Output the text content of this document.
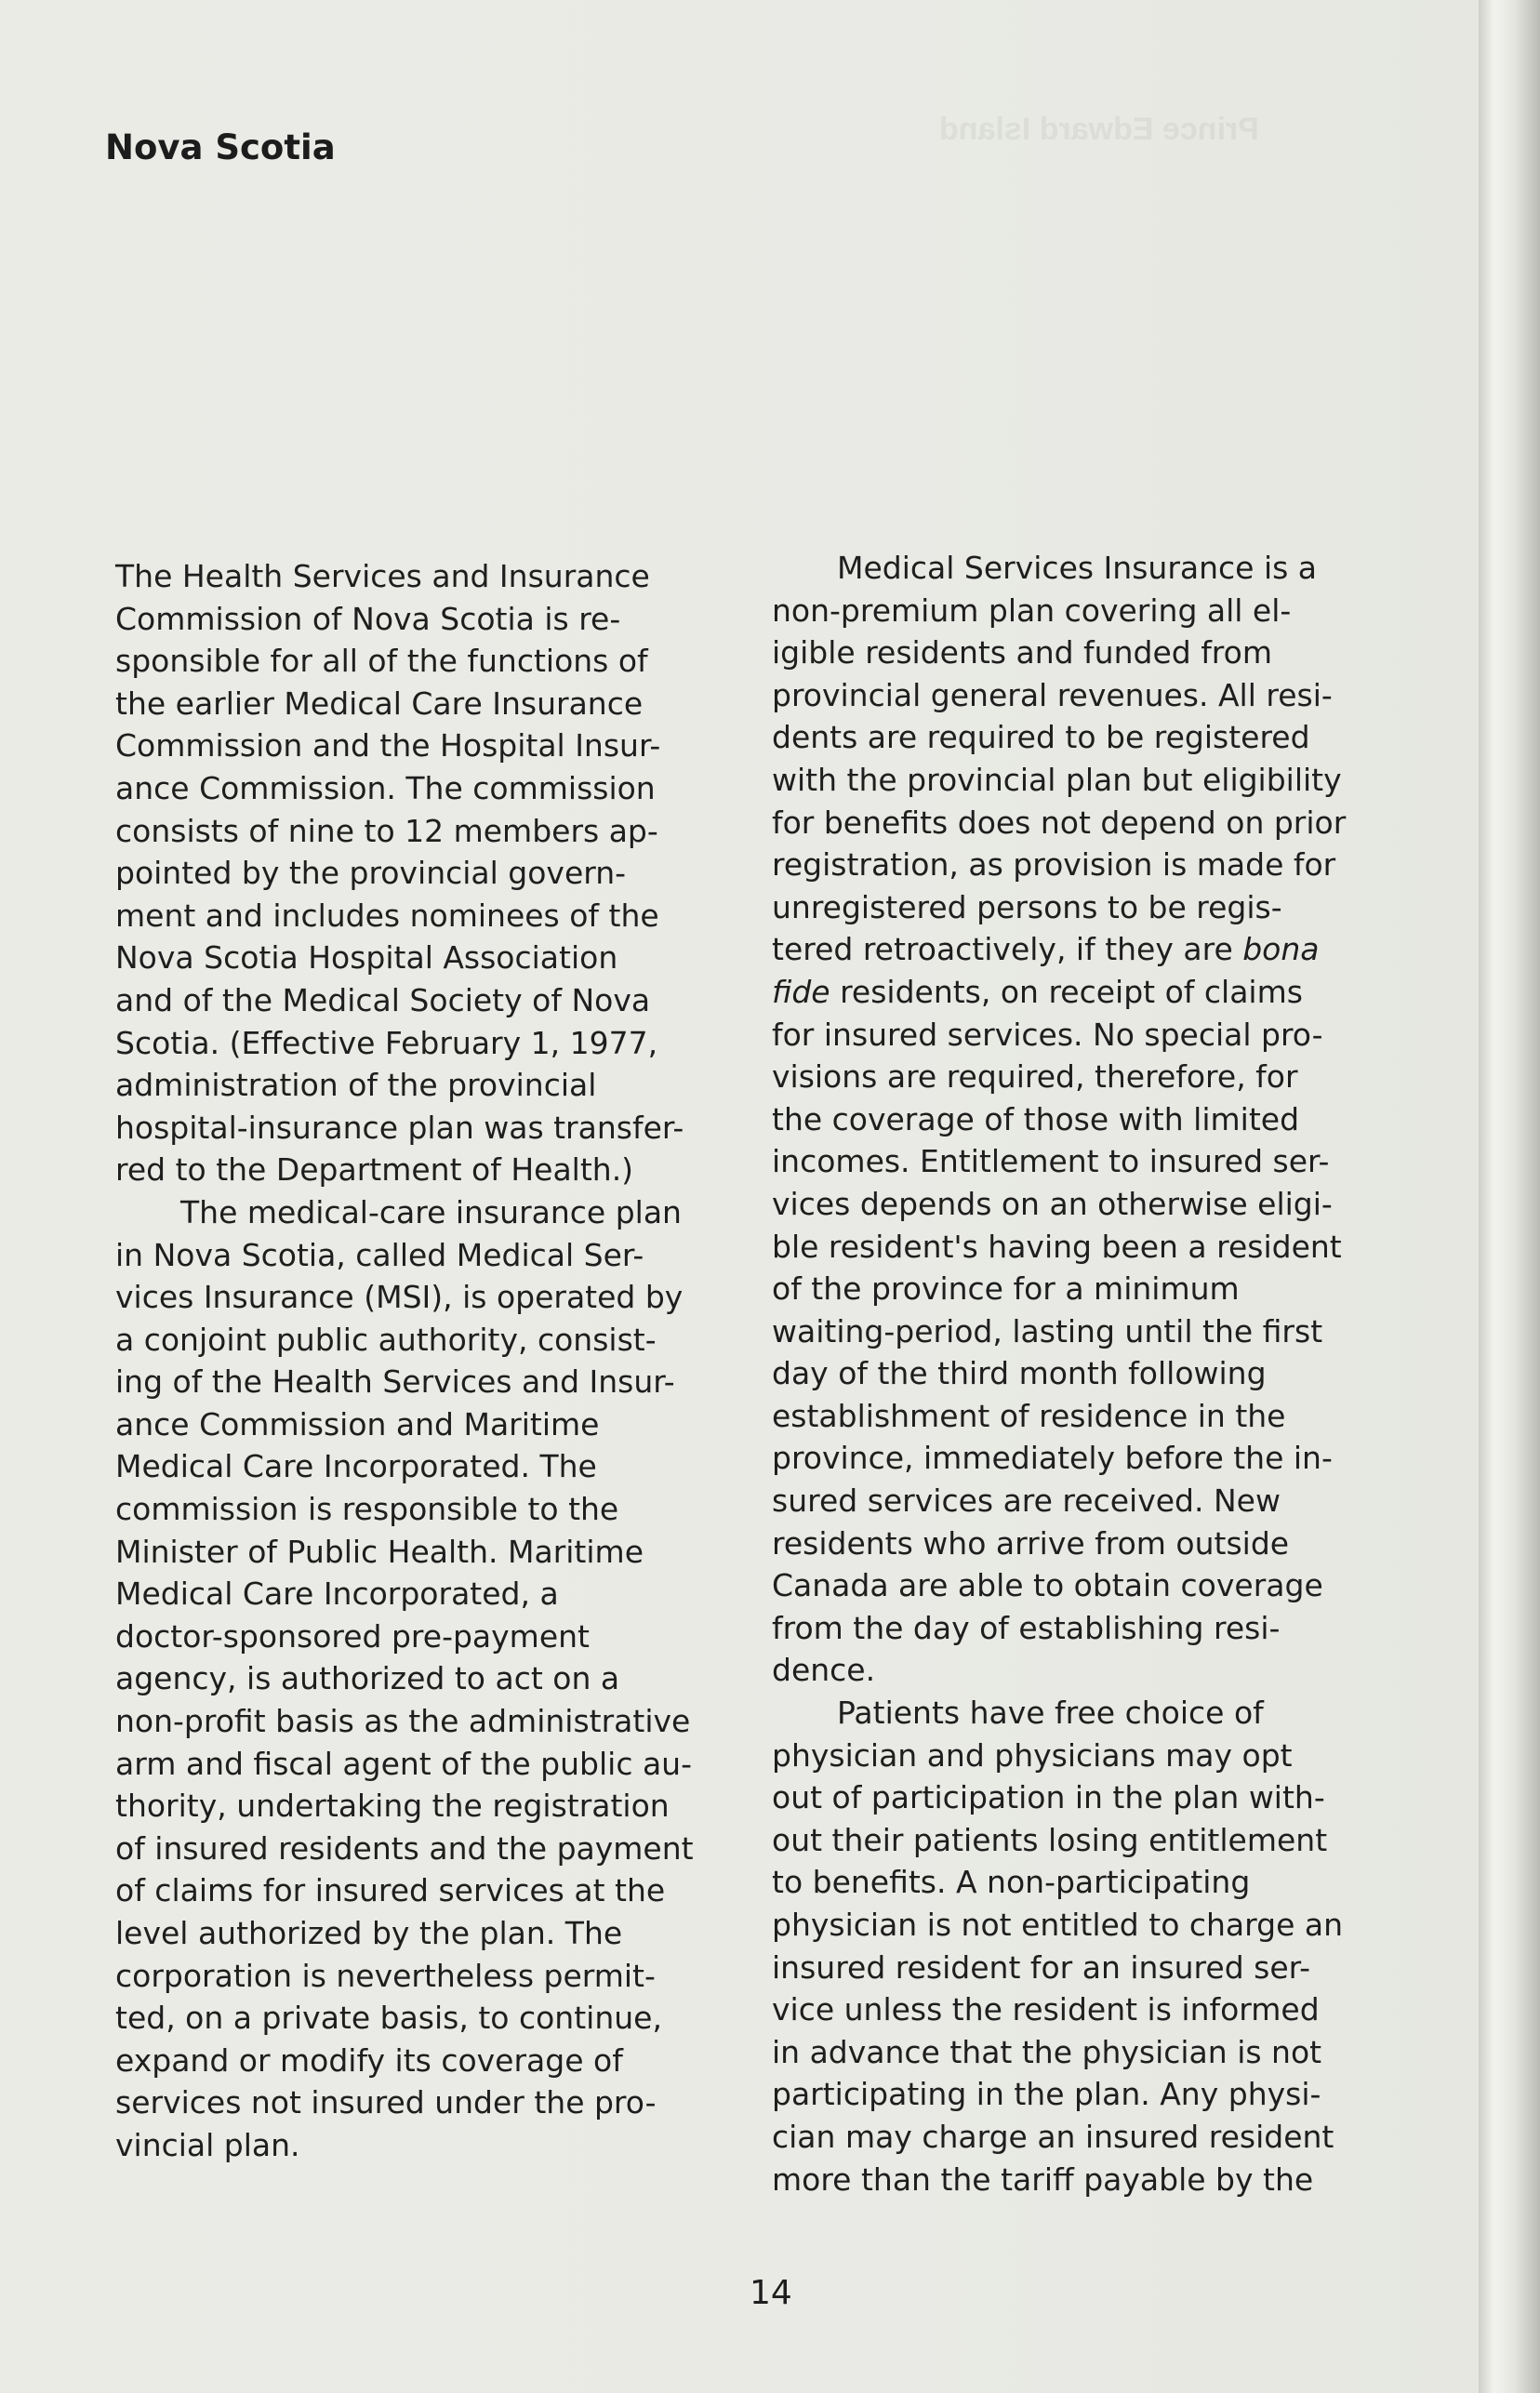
Prince Edward Island
Nova Scotia

The Health Services and Insurance

Commission of Nova Scotia is re-

sponsible for all of the functions of

the earlier Medical Care Insurance

Commission and the Hospital Insur-

ance Commission. The commission

consists of nine to 12 members ap-

pointed by the provincial govern-

ment and includes nominees of the

Nova Scotia Hospital Association

and of the Medical Society of Nova

Scotia. (Effective February 1, 1977,

administration of the provincial

hospital-insurance plan was transfer-

red to the Department of Health.)

The medical-care insurance plan

in Nova Scotia, called Medical Ser-

vices Insurance (MSI), is operated by

a conjoint public authority, consist-

ing of the Health Services and Insur-

ance Commission and Maritime

Medical Care Incorporated. The

commission is responsible to the

Minister of Public Health. Maritime

Medical Care Incorporated, a

doctor-sponsored pre-payment

agency, is authorized to act on a

non-profit basis as the administrative

arm and fiscal agent of the public au-

thority, undertaking the registration

of insured residents and the payment

of claims for insured services at the

level authorized by the plan. The

corporation is nevertheless permit-

ted, on a private basis, to continue,

expand or modify its coverage of

services not insured under the pro-

vincial plan.

Medical Services Insurance is a

non-premium plan covering all el-

igible residents and funded from

provincial general revenues. All resi-

dents are required to be registered

with the provincial plan but eligibility

for benefits does not depend on prior

registration, as provision is made for

unregistered persons to be regis-

tered retroactively, if they are bona

fide residents, on receipt of claims

for insured services. No special pro-

visions are required, therefore, for

the coverage of those with limited

incomes. Entitlement to insured ser-

vices depends on an otherwise eligi-

ble resident's having been a resident

of the province for a minimum

waiting-period, lasting until the first

day of the third month following

establishment of residence in the

province, immediately before the in-

sured services are received. New

residents who arrive from outside

Canada are able to obtain coverage

from the day of establishing resi-

dence.

Patients have free choice of

physician and physicians may opt

out of participation in the plan with-

out their patients losing entitlement

to benefits. A non-participating

physician is not entitled to charge an

insured resident for an insured ser-

vice unless the resident is informed

in advance that the physician is not

participating in the plan. Any physi-

cian may charge an insured resident

more than the tariff payable by the

14
